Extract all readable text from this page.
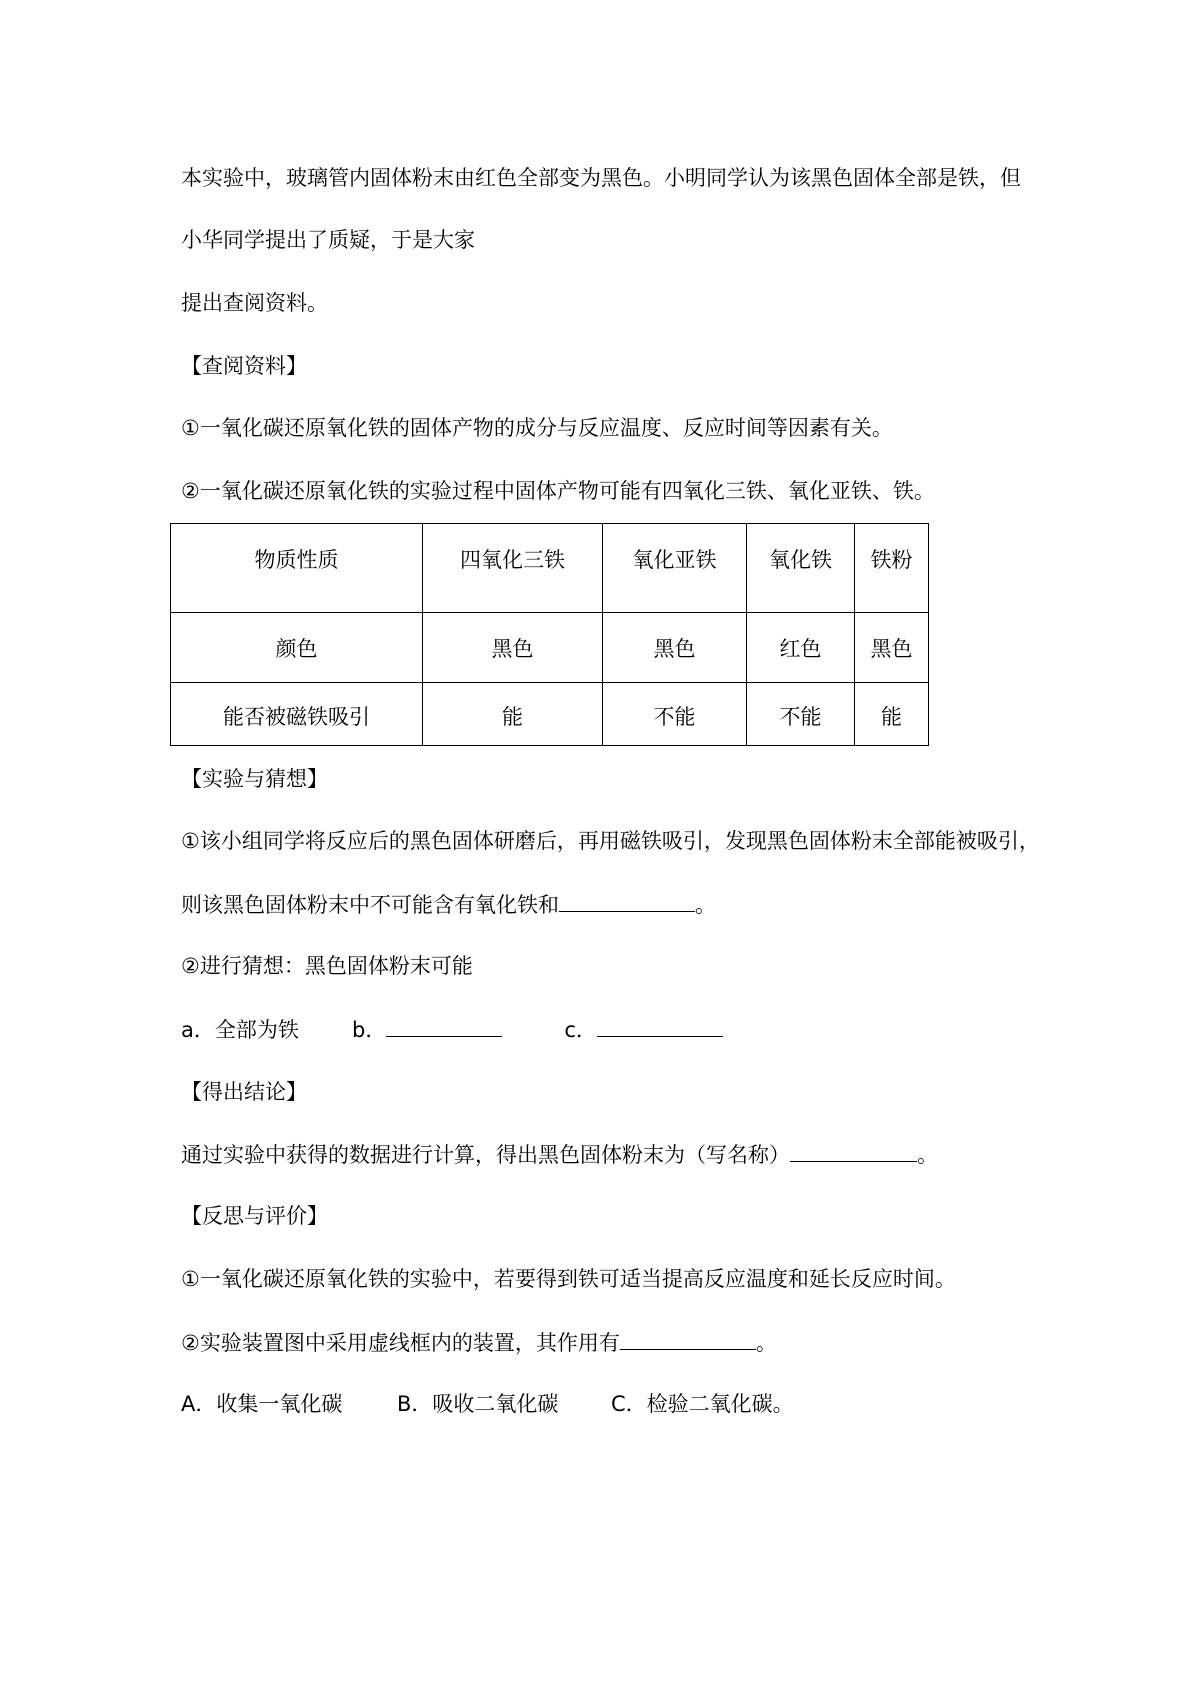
本实验中，玻璃管内固体粉末由红色全部变为黑色。小明同学认为该黑色固体全部是铁，但
小华同学提出了质疑，于是大家
提出查阅资料。
【查阅资料】
①一氧化碳还原氧化铁的固体产物的成分与反应温度、反应时间等因素有关。
②一氧化碳还原氧化铁的实验过程中固体产物可能有四氧化三铁、氧化亚铁、铁。
物质性质	四氧化三铁	氧化亚铁	氧化铁	铁粉
颜色	黑色	黑色	红色	黑色
能否被磁铁吸引	能	不能	不能	能
【实验与猜想】
①该小组同学将反应后的黑色固体研磨后，再用磁铁吸引，发现黑色固体粉末全部能被吸引，
则该黑色固体粉末中不可能含有氧化铁和	。
②进行猜想：黑色固体粉末可能
a．全部为铁	b．	c．
【得出结论】
通过实验中获得的数据进行计算，得出黑色固体粉末为（写名称）	。
【反思与评价】
①一氧化碳还原氧化铁的实验中，若要得到铁可适当提高反应温度和延长反应时间。
②实验装置图中采用虚线框内的装置，其作用有	。
A．收集一氧化碳	B．吸收二氧化碳	C．检验二氧化碳。
